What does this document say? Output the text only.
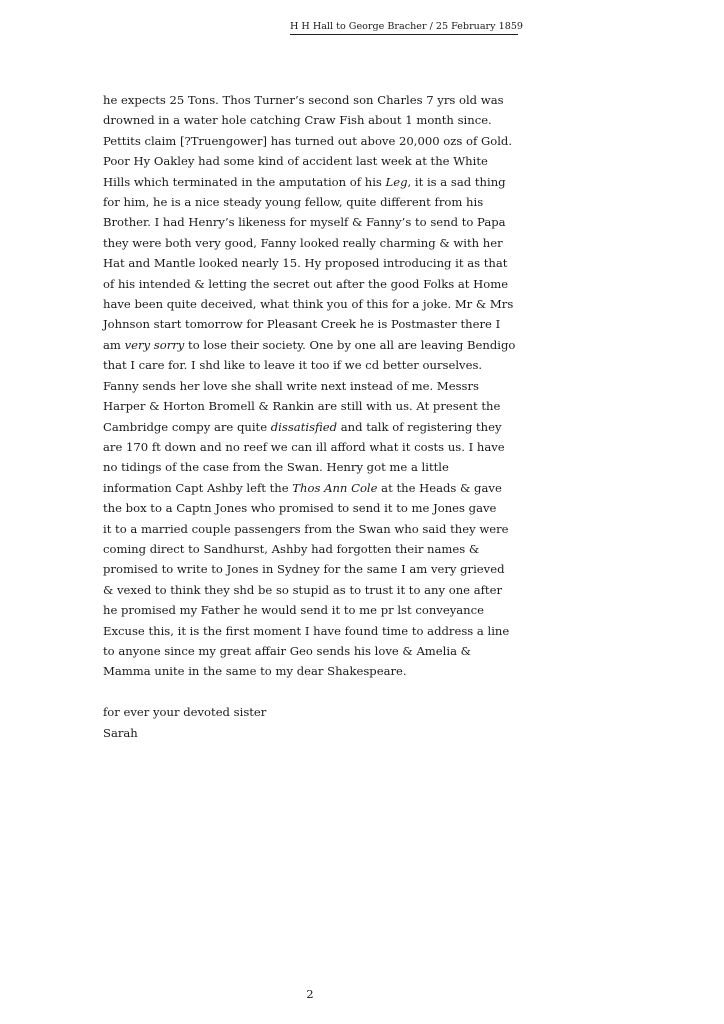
H H Hall to George Bracher / 25 February 1859
he expects 25 Tons. Thos Turner’s second son Charles 7 yrs old was
drowned in a water hole catching Craw Fish about 1 month since.
Pettits claim [?Truengower] has turned out above 20,000 ozs of Gold.
Poor Hy Oakley had some kind of accident last week at the White
Hills which terminated in the amputation of his Leg, it is a sad thing
for him, he is a nice steady young fellow, quite different from his
Brother. I had Henry’s likeness for myself & Fanny’s to send to Papa
they were both very good, Fanny looked really charming & with her
Hat and Mantle looked nearly 15. Hy proposed introducing it as that
of his intended & letting the secret out after the good Folks at Home
have been quite deceived, what think you of this for a joke. Mr & Mrs
Johnson start tomorrow for Pleasant Creek he is Postmaster there I
am very sorry to lose their society. One by one all are leaving Bendigo
that I care for. I shd like to leave it too if we cd better ourselves.
Fanny sends her love she shall write next instead of me. Messrs
Harper & Horton Bromell & Rankin are still with us. At present the
Cambridge compy are quite dissatisfied and talk of registering they
are 170 ft down and no reef we can ill afford what it costs us. I have
no tidings of the case from the Swan. Henry got me a little
information Capt Ashby left the Thos Ann Cole at the Heads & gave
the box to a Captn Jones who promised to send it to me Jones gave
it to a married couple passengers from the Swan who said they were
coming direct to Sandhurst, Ashby had forgotten their names &
promised to write to Jones in Sydney for the same I am very grieved
& vexed to think they shd be so stupid as to trust it to any one after
he promised my Father he would send it to me pr lst conveyance
Excuse this, it is the first moment I have found time to address a line
to anyone since my great affair Geo sends his love & Amelia &
Mamma unite in the same to my dear Shakespeare.
for ever your devoted sister
Sarah
2
